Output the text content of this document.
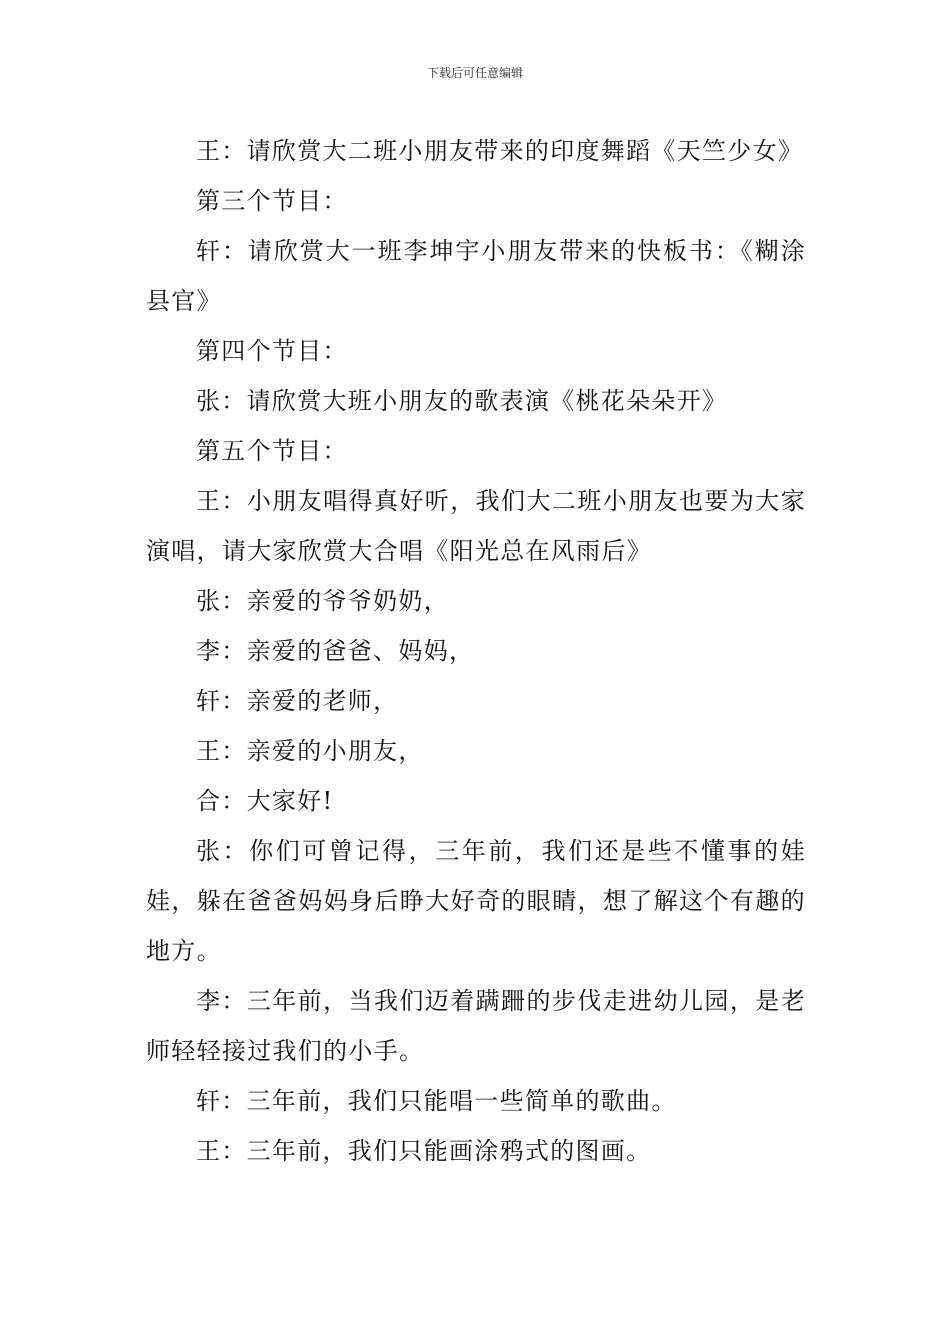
下载后可任意编辑

王：请欣赏大二班小朋友带来的印度舞蹈《天竺少女》

第三个节目：

轩：请欣赏大一班李坤宇小朋友带来的快板书：《糊涂县官》

第四个节目：

张：请欣赏大班小朋友的歌表演《桃花朵朵开》

第五个节目：

王：小朋友唱得真好听，我们大二班小朋友也要为大家演唱，请大家欣赏大合唱《阳光总在风雨后》

张：亲爱的爷爷奶奶，

李：亲爱的爸爸、妈妈，

轩：亲爱的老师，

王：亲爱的小朋友，

合：大家好!

张：你们可曾记得，三年前，我们还是些不懂事的娃娃，躲在爸爸妈妈身后睁大好奇的眼睛，想了解这个有趣的地方。

李：三年前，当我们迈着蹒跚的步伐走进幼儿园，是老师轻轻接过我们的小手。

轩：三年前，我们只能唱一些简单的歌曲。

王：三年前，我们只能画涂鸦式的图画。
